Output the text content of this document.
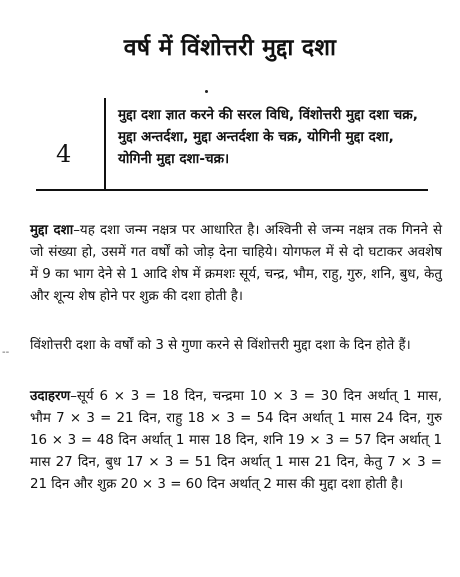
वर्ष में विंशोत्तरी मुद्दा दशा
4
मुद्दा दशा ज्ञात करने की सरल विधि, विंशोत्तरी मुद्दा दशा चक्र, मुद्दा अन्तर्दशा, मुद्दा अन्तर्दशा के चक्र, योगिनी मुद्दा दशा, योगिनी मुद्दा दशा-चक्र।
मुद्दा दशा–यह दशा जन्म नक्षत्र पर आधारित है। अश्विनी से जन्म नक्षत्र तक गिनने से जो संख्या हो, उसमें गत वर्षों को जोड़ देना चाहिये। योगफल में से दो घटाकर अवशेष में 9 का भाग देने से 1 आदि शेष में क्रमशः सूर्य, चन्द्र, भौम, राहु, गुरु, शनि, बुध, केतु और शून्य शेष होने पर शुक्र की दशा होती है।
विंशोत्तरी दशा के वर्षों को 3 से गुणा करने से विंशोत्तरी मुद्दा दशा के दिन होते हैं।
उदाहरण–सूर्य 6 × 3 = 18 दिन, चन्द्रमा 10 × 3 = 30 दिन अर्थात् 1 मास, भौम 7 × 3 = 21 दिन, राहु 18 × 3 = 54 दिन अर्थात् 1 मास 24 दिन, गुरु 16 × 3 = 48 दिन अर्थात् 1 मास 18 दिन, शनि 19 × 3 = 57 दिन अर्थात् 1 मास 27 दिन, बुध 17 × 3 = 51 दिन अर्थात् 1 मास 21 दिन, केतु 7 × 3 = 21 दिन और शुक्र 20 × 3 = 60 दिन अर्थात् 2 मास की मुद्दा दशा होती है।
--
